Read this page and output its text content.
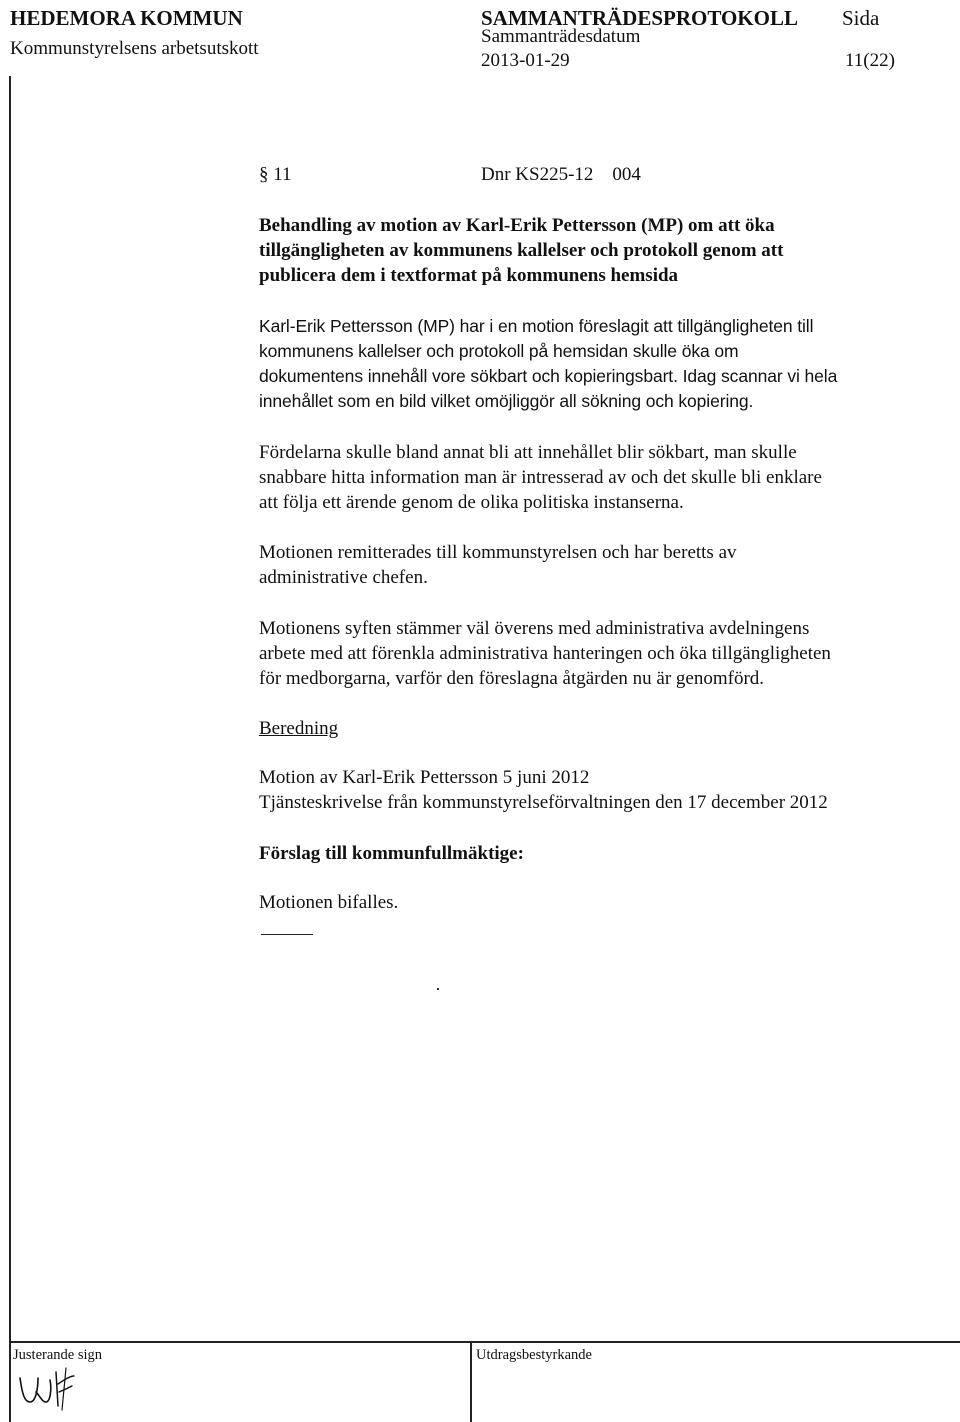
HEDEMORA KOMMUN
Kommunstyrelsens arbetsutskott
SAMMANTRÄDESPROTOKOLL
Sammanträdesdatum
2013-01-29
Sida
11(22)
§ 11	Dnr KS225-12    004
Behandling av motion av Karl-Erik Pettersson (MP) om att öka
tillgängligheten av kommunens kallelser och protokoll genom att
publicera dem i textformat på kommunens hemsida
Karl-Erik Pettersson (MP) har i en motion föreslagit att tillgängligheten till
kommunens kallelser och protokoll på hemsidan skulle öka om
dokumentens innehåll vore sökbart och kopieringsbart. Idag scannar vi hela
innehållet som en bild vilket omöjliggör all sökning och kopiering.
Fördelarna skulle bland annat bli att innehållet blir sökbart, man skulle
snabbare hitta information man är intresserad av och det skulle bli enklare
att följa ett ärende genom de olika politiska instanserna.
Motionen remitterades till kommunstyrelsen och har beretts av
administrative chefen.
Motionens syften stämmer väl överens med administrativa avdelningens
arbete med att förenkla administrativa hanteringen och öka tillgängligheten
för medborgarna, varför den föreslagna åtgärden nu är genomförd.
Beredning
Motion av Karl-Erik Pettersson 5 juni 2012
Tjänsteskrivelse från kommunstyrelseförvaltningen den 17 december 2012
Förslag till kommunfullmäktige:
Motionen bifalles.
Justerande sign	Utdragsbestyrkande
